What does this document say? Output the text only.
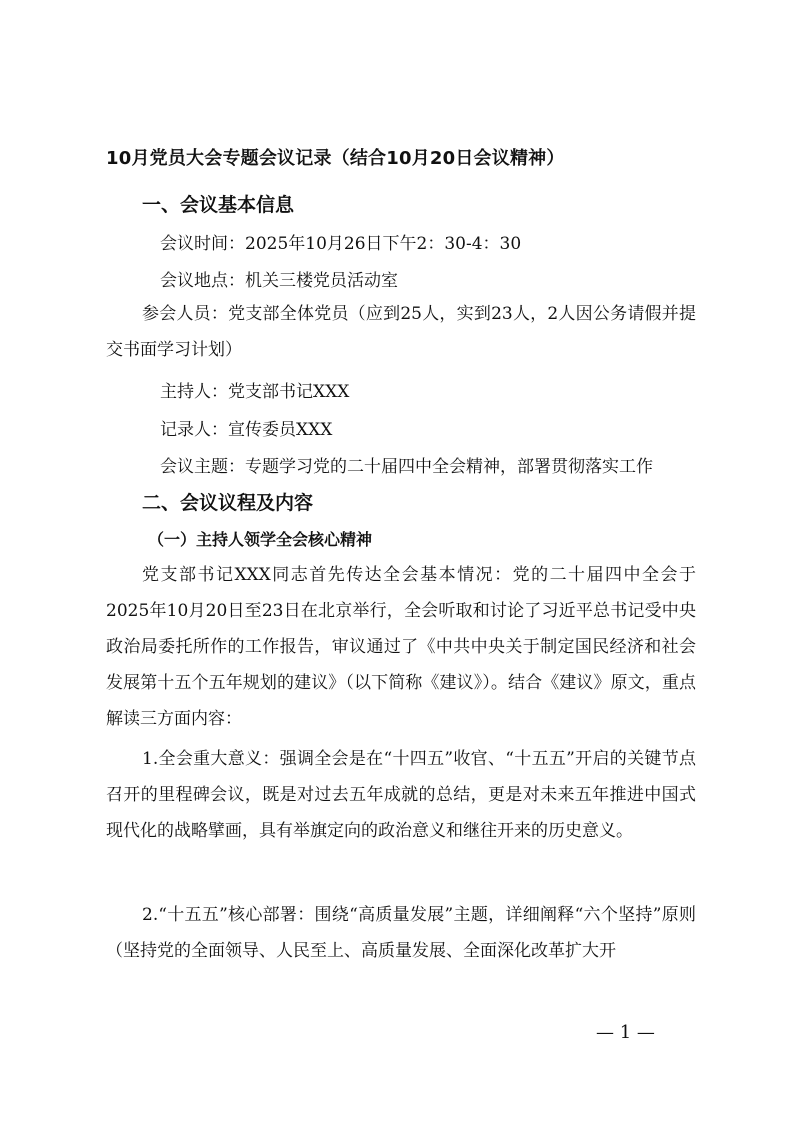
10月党员大会专题会议记录（结合10月20日会议精神）
一、会议基本信息
会议时间：2025年10月26日下午2：30-4：30
会议地点：机关三楼党员活动室
参会人员：党支部全体党员（应到25人，实到23人，2人因公务请假并提交书面学习计划）
主持人：党支部书记XXX
记录人：宣传委员XXX
会议主题：专题学习党的二十届四中全会精神，部署贯彻落实工作
二、会议议程及内容
（一）主持人领学全会核心精神
党支部书记XXX同志首先传达全会基本情况：党的二十届四中全会于2025年10月20日至23日在北京举行，全会听取和讨论了习近平总书记受中央政治局委托所作的工作报告，审议通过了《中共中央关于制定国民经济和社会发展第十五个五年规划的建议》（以下简称《建议》）。结合《建议》原文，重点解读三方面内容：
1.全会重大意义：强调全会是在“十四五”收官、“十五五”开启的关键节点召开的里程碑会议，既是对过去五年成就的总结，更是对未来五年推进中国式现代化的战略擘画，具有举旗定向的政治意义和继往开来的历史意义。
2.“十五五”核心部署：围绕“高质量发展”主题，详细阐释“六个坚持”原则（坚持党的全面领导、人民至上、高质量发展、全面深化改革扩大开
— 1 —
